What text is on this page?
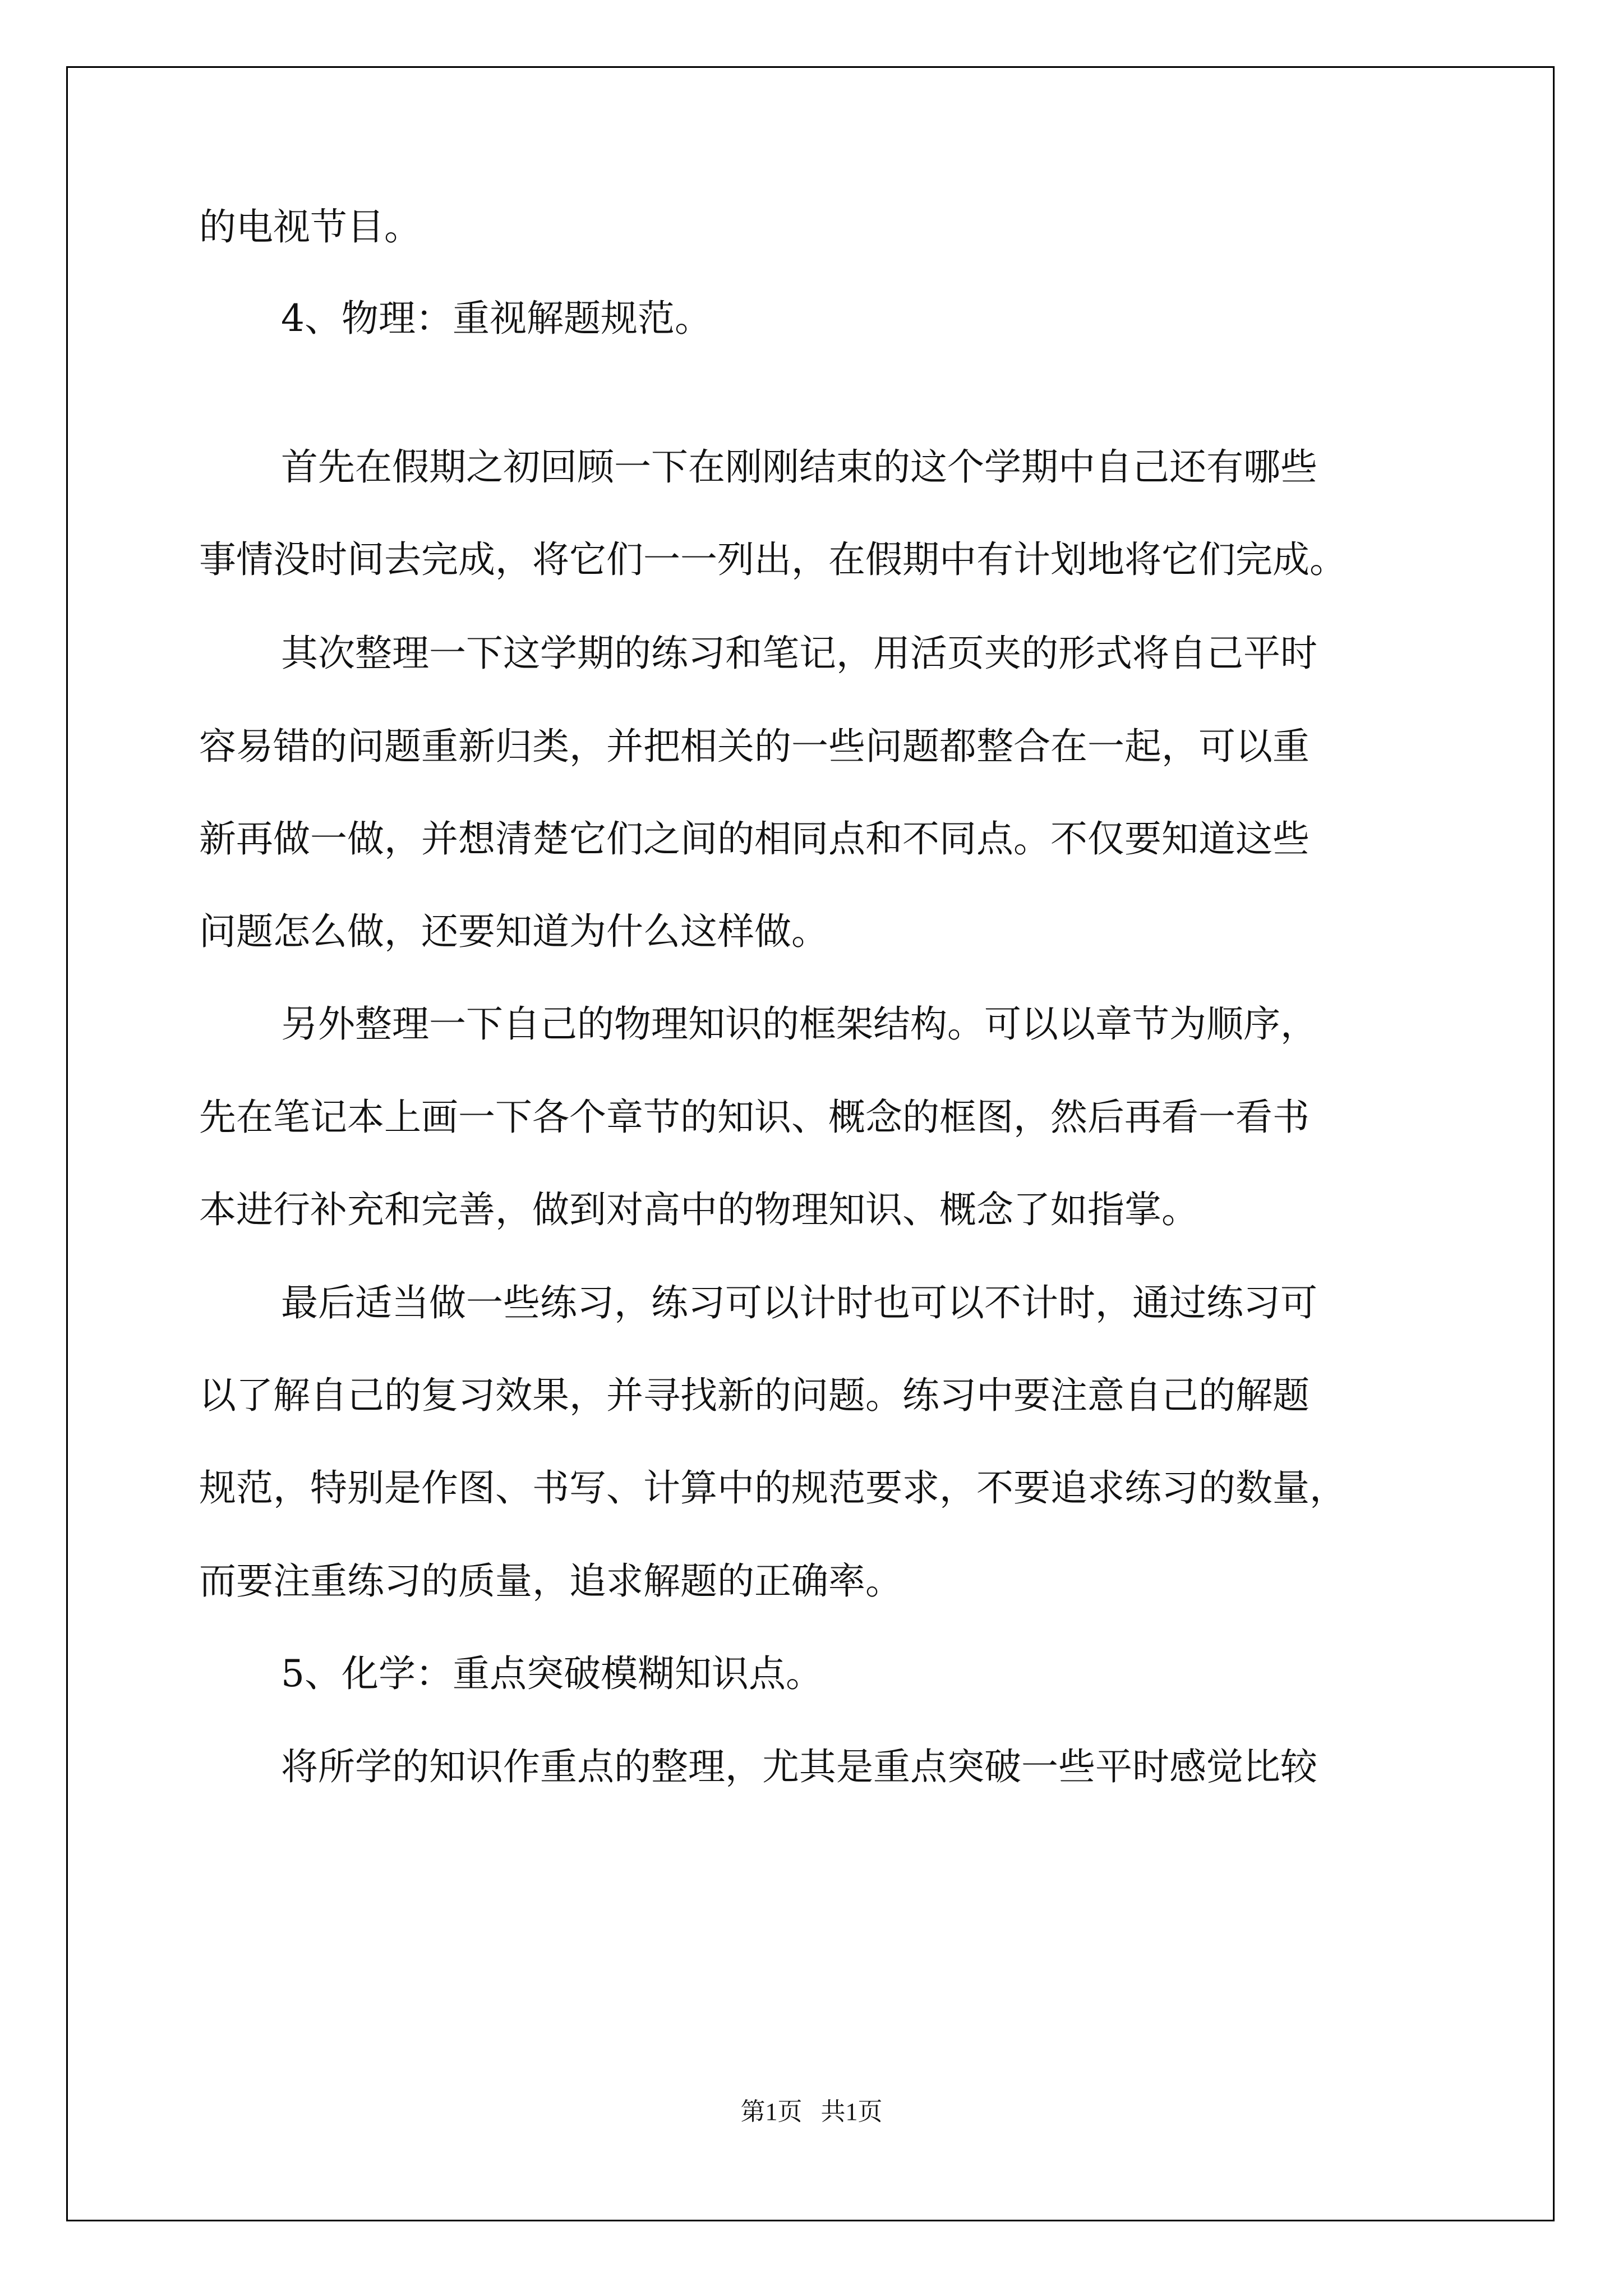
的电视节目。
4、物理：重视解题规范。
首先在假期之初回顾一下在刚刚结束的这个学期中自己还有哪些
事情没时间去完成，将它们一一列出，在假期中有计划地将它们完成。
其次整理一下这学期的练习和笔记，用活页夹的形式将自己平时
容易错的问题重新归类，并把相关的一些问题都整合在一起，可以重
新再做一做，并想清楚它们之间的相同点和不同点。不仅要知道这些
问题怎么做，还要知道为什么这样做。
另外整理一下自己的物理知识的框架结构。可以以章节为顺序，
先在笔记本上画一下各个章节的知识、概念的框图，然后再看一看书
本进行补充和完善，做到对高中的物理知识、概念了如指掌。
最后适当做一些练习，练习可以计时也可以不计时，通过练习可
以了解自己的复习效果，并寻找新的问题。练习中要注意自己的解题
规范，特别是作图、书写、计算中的规范要求，不要追求练习的数量，
而要注重练习的质量，追求解题的正确率。
5、化学：重点突破模糊知识点。
将所学的知识作重点的整理，尤其是重点突破一些平时感觉比较
第1页   共1页
